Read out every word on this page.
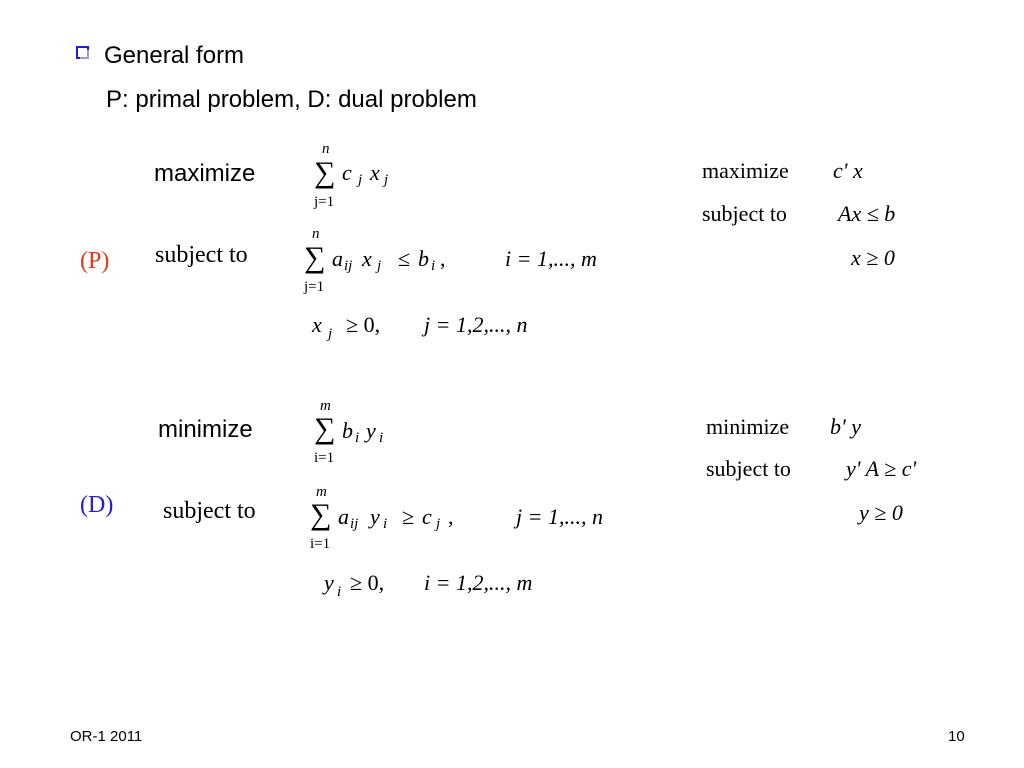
General form
P: primal problem, D: dual problem
maximize
n
∑
j=1
c j x j
(P) subject to
n
∑
j=1
a ij x j ≤ b i ,	i = 1,..., m
x j ≥ 0, j = 1,2,..., n
maximize c' x
subject to Ax ≤ b
x ≥ 0
minimize
m
∑
i=1
b i y i
(D) subject to
m
∑
i=1
a ij y i ≥ c j ,	j = 1,..., n
y i ≥ 0, i = 1,2,..., m
minimize b' y
subject to	y' A ≥ c'
y ≥ 0
OR-1 2011	10
